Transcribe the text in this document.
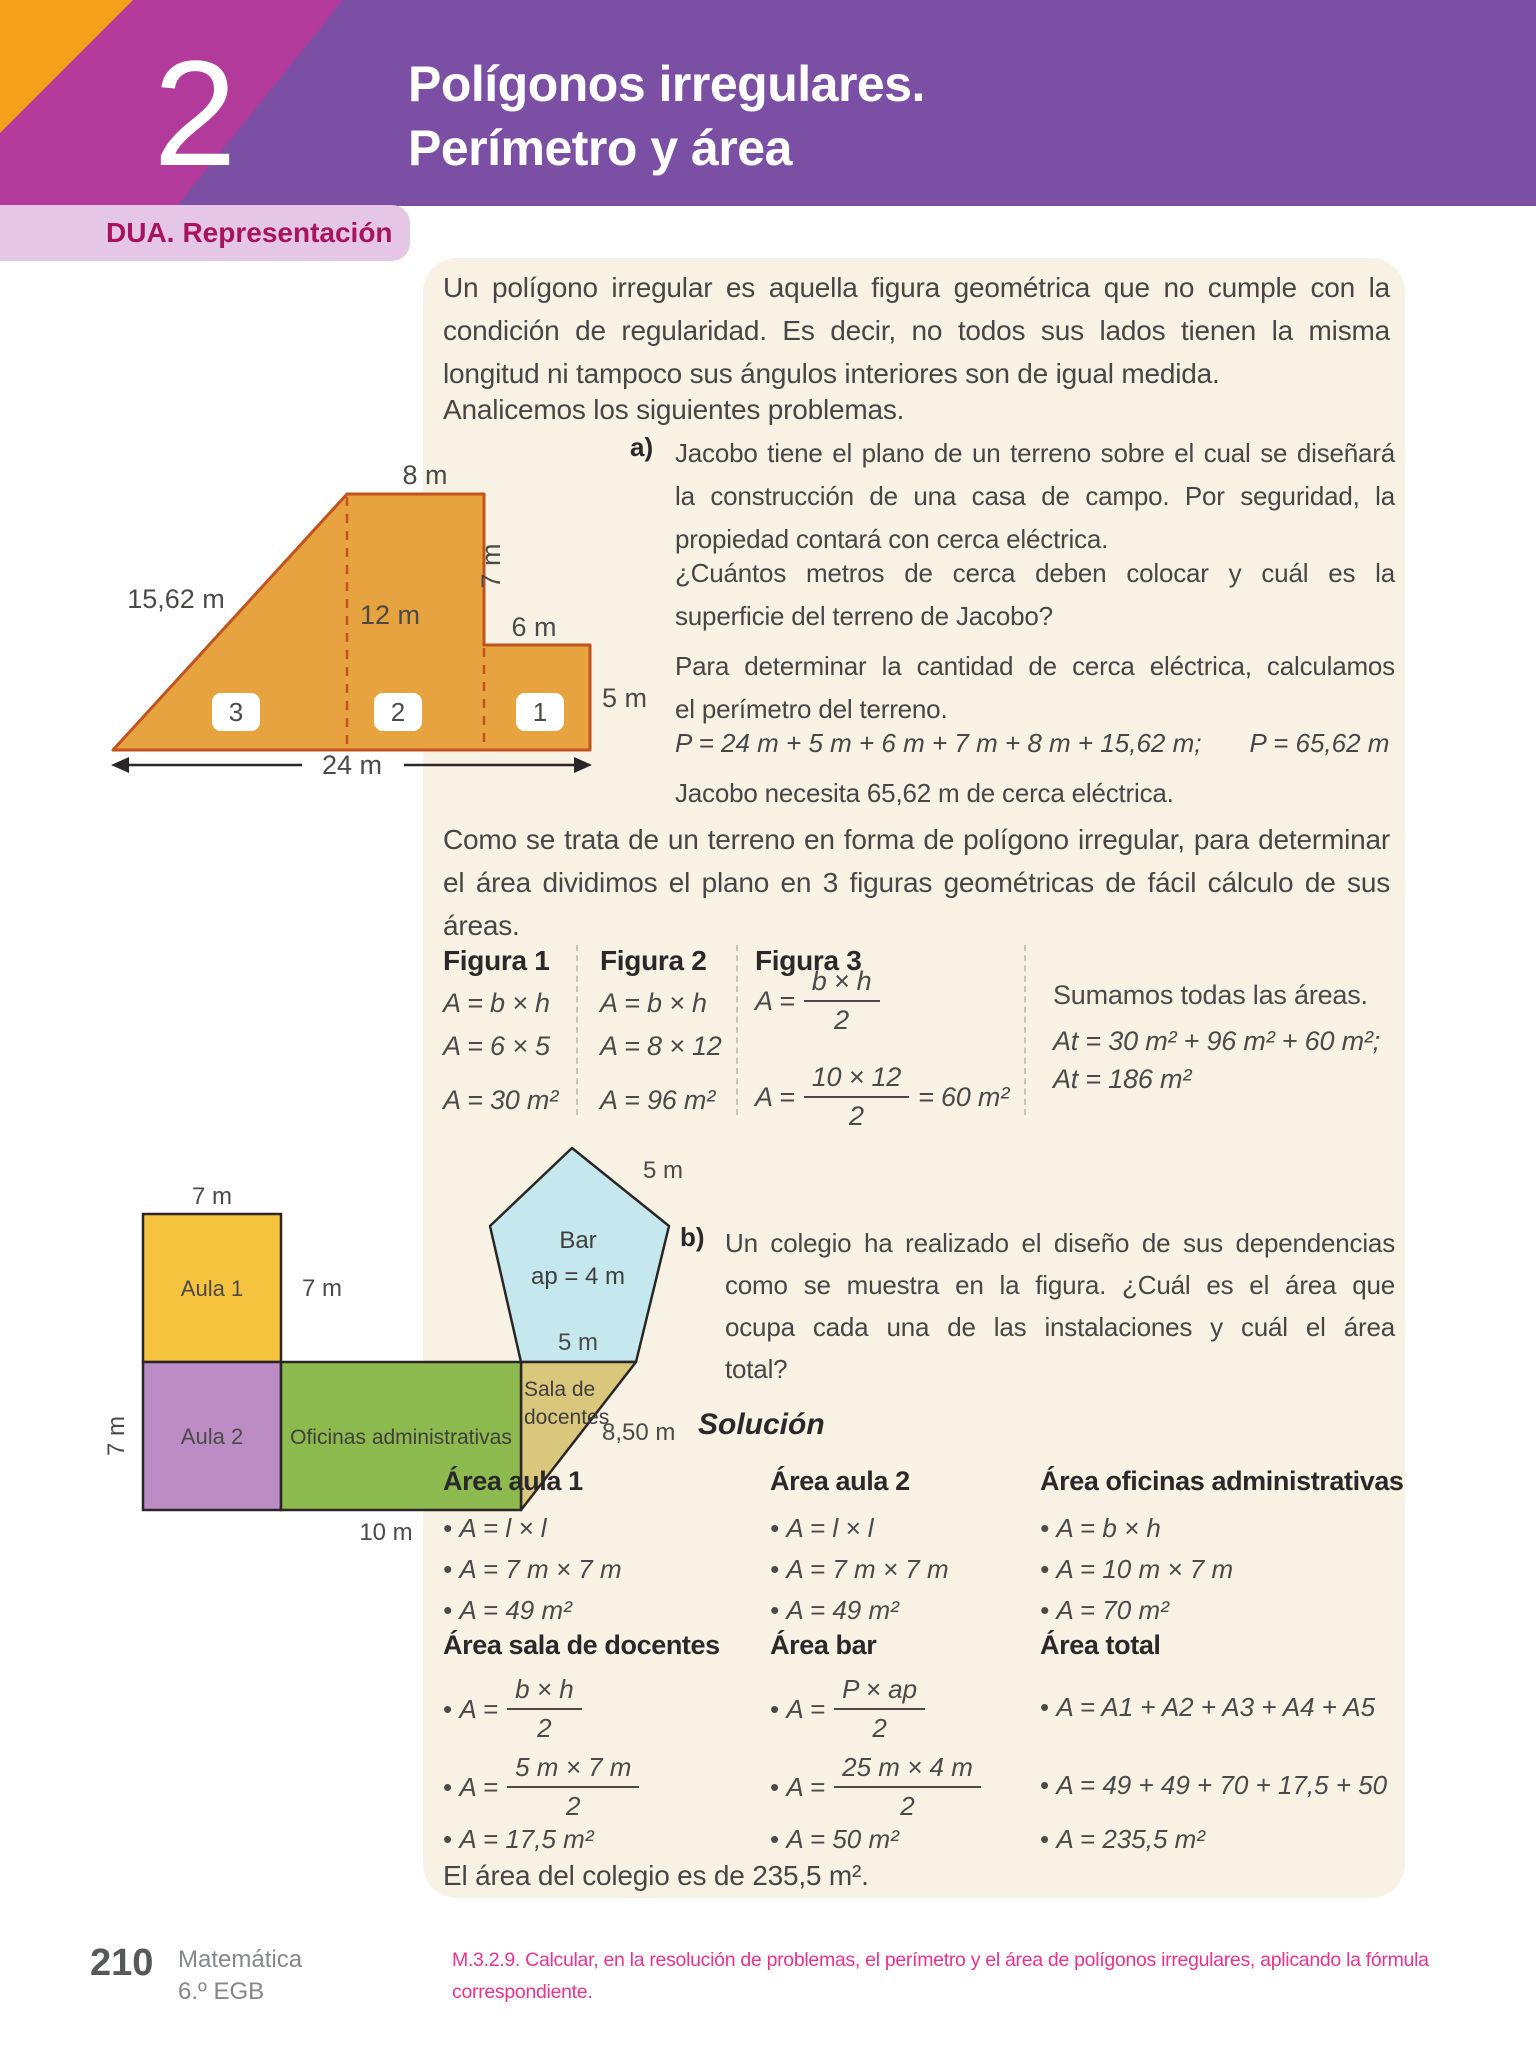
2	Polígonos irregulares.
Perímetro y área
DUA. Representación
Un polígono irregular es aquella figura geométrica que no cumple con la
condición de regularidad. Es decir, no todos sus lados tienen la misma
longitud ni tampoco sus ángulos interiores son de igual medida.
Analicemos los siguientes problemas.
a) Jacobo tiene el plano de un terreno sobre el cual se diseñará
la construcción de una casa de campo. Por seguridad, la
propiedad contará con cerca eléctrica.
¿Cuántos metros de cerca deben colocar y cuál es la
superficie del terreno de Jacobo?
Para determinar la cantidad de cerca eléctrica, calculamos
el perímetro del terreno.
P = 24 m + 5 m + 6 m + 7 m + 8 m + 15,62 m; P = 65,62 m
Jacobo necesita 65,62 m de cerca eléctrica.
3	2	1
8 m
15,62 m
12 m
7 m
6 m
5 m
24 m
Como se trata de un terreno en forma de polígono irregular, para determinar
el área dividimos el plano en 3 figuras geométricas de fácil cálculo de sus
áreas.
Figura 1
A = b × h
A = 6 × 5
A = 30 m²
Figura 2
A = b × h
A = 8 × 12
A = 96 m²
Figura 3
$A = \frac{b \times h}{2}$
$A = \frac{10 \times 12}{2} = 60$ m²
Sumamos todas las áreas.
At = 30 m² + 96 m² + 60 m²;
At = 186 m²
7 m
Aula 1 7 m
Aula 2
7 m	Oficinas administrativas
10 m
Sala de
docentes
8,50 m
5 m
Bar
ap = 4 m
5 m
b) Un colegio ha realizado el diseño de sus dependencias
como se muestra en la figura. ¿Cuál es el área que
ocupa cada una de las instalaciones y cuál el área
total?
Solución
Área aula 1
• A = l × l
• A = 7 m × 7 m
• A = 49 m²
Área aula 2
• A = l × l
• A = 7 m × 7 m
• A = 49 m²
Área oficinas administrativas
• A = b × h
• A = 10 m × 7 m
• A = 70 m²
Área sala de docentes
• $A = \frac{b \times h}{2}$
• $A = \frac{5 m \times 7 m}{2}$
• A = 17,5 m²
Área bar
• $A = \frac{P \times ap}{2}$
• $A = \frac{25 m \times 4 m}{2}$
• A = 50 m²
Área total
• A = A1 + A2 + A3 + A4 + A5
• A = 49 + 49 + 70 + 17,5 + 50
• A = 235,5 m²
El área del colegio es de 235,5 m².
210 Matemática
6.º EGB
M.3.2.9. Calcular, en la resolución de problemas, el perímetro y el área de polígonos irregulares, aplicando la fórmula
correspondiente.
